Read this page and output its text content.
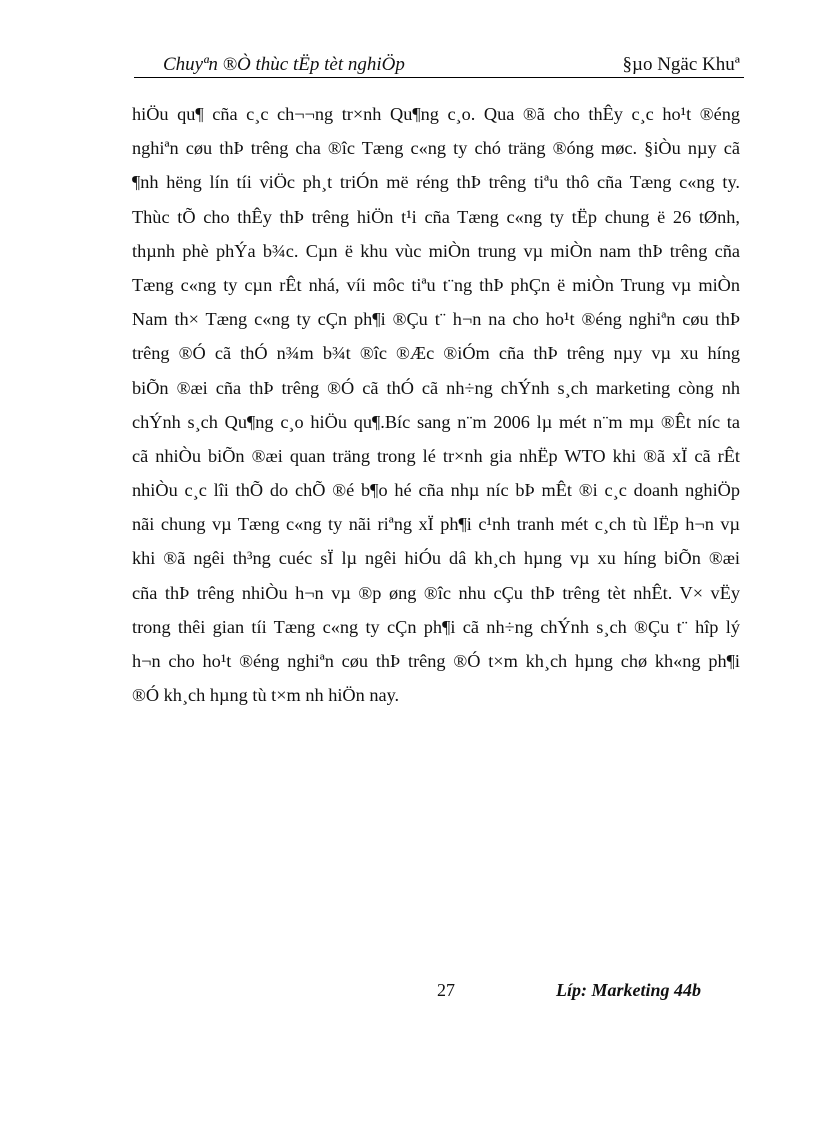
Chuyªn ®Ò thùc tËp tèt nghiÖp	§µo Ngäc Khuª
hiÖu qu¶ cña c¸c ch¬¬ng tr×nh Qu¶ng c¸o. Qua ®ã cho thÊy c¸c ho¹t ®éng
nghiªn cøu thÞ trêng cha ®îc Tæng c«ng ty chó träng ®óng møc. §iÒu nµy cã
¶nh hëng lín tíi viÖc ph¸t triÓn më réng thÞ trêng tiªu thô cña Tæng c«ng ty.
Thùc tÕ cho thÊy thÞ trêng hiÖn t¹i cña Tæng c«ng ty tËp chung ë 26 tØnh,
thµnh phè phÝa b¾c. Cµn ë khu vùc miÒn trung vµ miÒn nam thÞ trêng cña
Tæng c«ng ty cµn rÊt nhá, víi môc tiªu t¨ng thÞ phÇn ë miÒn Trung vµ miÒn
Nam th× Tæng c«ng ty cÇn ph¶i ®Çu t¨ h¬n na cho ho¹t ®éng nghiªn cøu thÞ
trêng ®Ó cã thÓ n¾m b¾t ®îc ®Æc ®iÓm cña thÞ trêng nµy vµ xu híng
biÕn ®æi cña thÞ trêng ®Ó cã thÓ cã nh÷ng chÝnh s¸ch marketing còng nh
chÝnh s¸ch Qu¶ng c¸o hiÖu qu¶.Bíc sang n¨m 2006 lµ mét n¨m mµ ®Êt níc ta
cã nhiÒu biÕn ®æi quan träng trong lé tr×nh gia nhËp WTO khi ®ã xÏ cã rÊt
nhiÒu c¸c lîi thÕ do chÕ ®é b¶o hé cña nhµ níc bÞ mÊt ®i c¸c doanh nghiÖp
nãi chung vµ Tæng c«ng ty nãi riªng xÏ ph¶i c¹nh tranh mét c¸ch tù lËp h¬n vµ
khi ®ã ngêi th³ng cuéc sÏ lµ ngêi hiÓu dâ kh¸ch hµng vµ xu híng biÕn ®æi
cña thÞ trêng nhiÒu h¬n vµ ®p øng ®îc nhu cÇu thÞ trêng tèt nhÊt. V× vËy
trong thêi gian tíi Tæng c«ng ty cÇn ph¶i cã nh÷ng chÝnh s¸ch ®Çu t¨ hîp lý
h¬n cho ho¹t ®éng nghiªn cøu thÞ trêng ®Ó t×m kh¸ch hµng chø kh«ng ph¶i
®Ó kh¸ch hµng tù t×m nh hiÖn nay.
27	Líp: Marketing 44b
